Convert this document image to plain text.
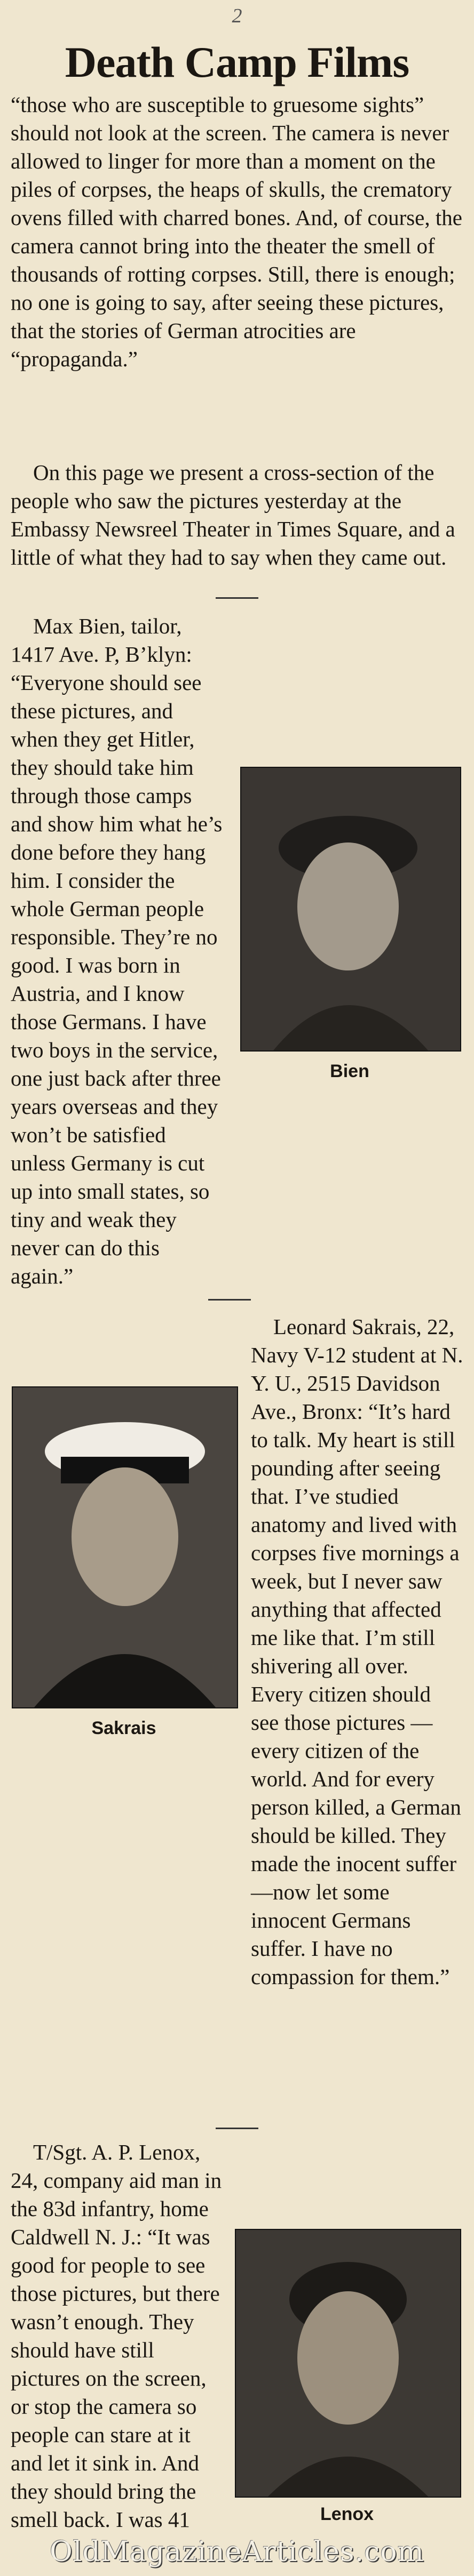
2
Death Camp Films

“those who are susceptible to gruesome sights” should not look at the screen. The camera is never allowed to linger for more than a moment on the piles of corpses, the heaps of skulls, the crematory ovens filled with charred bones. And, of course, the camera cannot bring into the theater the smell of thousands of rotting corpses. Still, there is enough; no one is going to say, after seeing these pictures, that the stories of German atrocities are “propaganda.”

On this page we present a cross-section of the people who saw the pictures yesterday at the Embassy Newsreel Theater in Times Square, and a little of what they had to say when they came out.

Max Bien, tailor, 1417 Ave. P, B’klyn: “Everyone should see these pictures, and when they get Hitler, they should take him through those camps and show him what he’s done before they hang him. I consider the whole German people responsible. They’re no good. I was born in Austria, and I know those Germans. I have two boys in the service, one just back after three years overseas and they won’t be satisfied unless Germany is cut up into small states, so tiny and weak they never can do this again.”

Bien

Leonard Sakrais, 22, Navy V-12 student at N. Y. U., 2515 Davidson Ave., Bronx: “It’s hard to talk. My heart is still pounding after seeing that. I’ve studied anatomy and lived with corpses five mornings a week, but I never saw anything that affected me like that. I’m still shivering all over. Every citizen should see those pictures — every citizen of the world. And for every person killed, a German should be killed. They made the inocent suffer—now let some innocent Germans suffer. I have no compassion for them.”

Sakrais

T/Sgt. A. P. Lenox, 24, company aid man in the 83d infantry, home Caldwell N. J.: “It was good for people to see those pictures, but there wasn’t enough. They should have still pictures on the screen, or stop the camera so people can stare at it and let it sink in. And they should bring the smell back. I was 41	Lenox
OldMagazineArticles.com
